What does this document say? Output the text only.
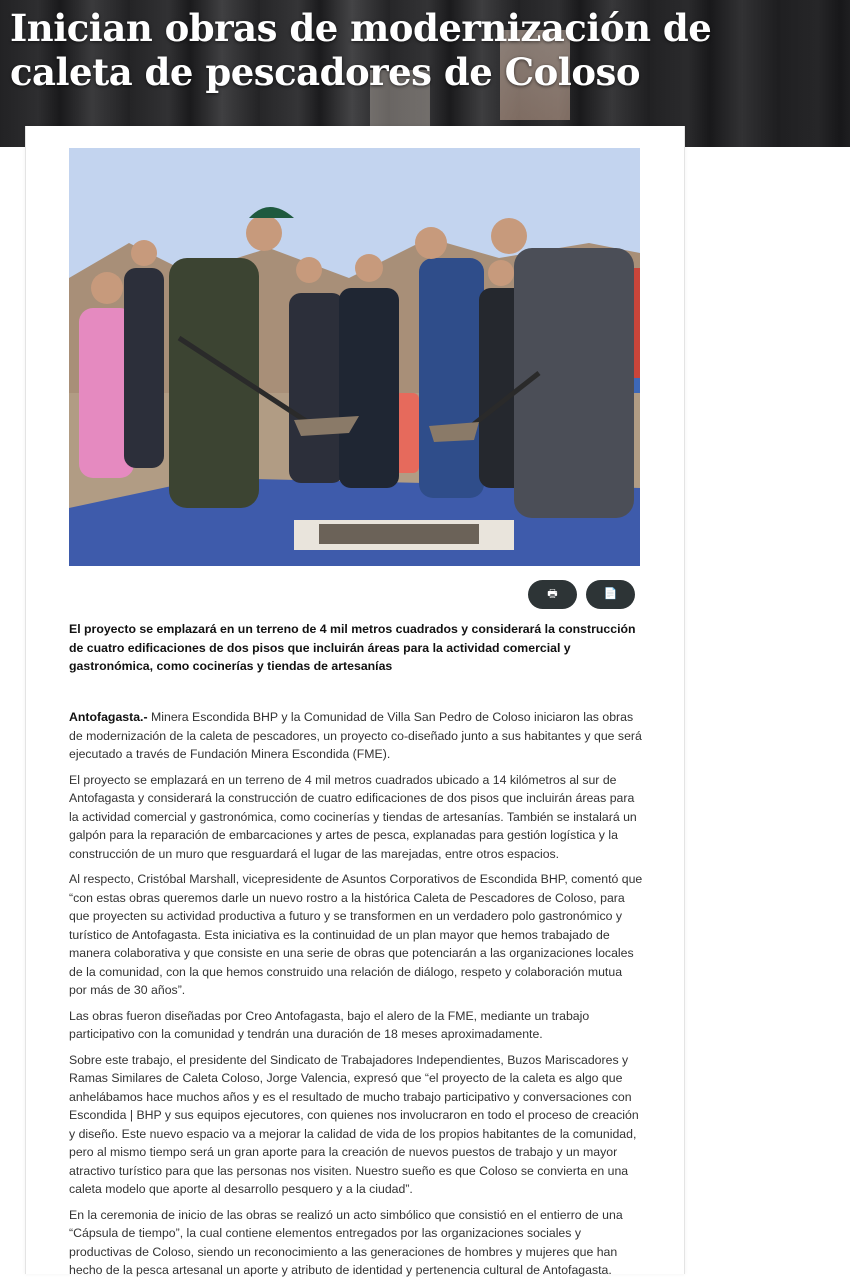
Inician obras de modernización de caleta de pescadores de Coloso
🖶	📄

El proyecto se emplazará en un terreno de 4 mil metros cuadrados y considerará la construcción de cuatro edificaciones de dos pisos que incluirán áreas para la actividad comercial y gastronómica, como cocinerías y tiendas de artesanías

Antofagasta.- Minera Escondida BHP y la Comunidad de Villa San Pedro de Coloso iniciaron las obras de modernización de la caleta de pescadores, un proyecto co-diseñado junto a sus habitantes y que será ejecutado a través de Fundación Minera Escondida (FME).

El proyecto se emplazará en un terreno de 4 mil metros cuadrados ubicado a 14 kilómetros al sur de Antofagasta y considerará la construcción de cuatro edificaciones de dos pisos que incluirán áreas para la actividad comercial y gastronómica, como cocinerías y tiendas de artesanías. También se instalará un galpón para la reparación de embarcaciones y artes de pesca, explanadas para gestión logística y la construcción de un muro que resguardará el lugar de las marejadas, entre otros espacios.

Al respecto, Cristóbal Marshall, vicepresidente de Asuntos Corporativos de Escondida BHP, comentó que “con estas obras queremos darle un nuevo rostro a la histórica Caleta de Pescadores de Coloso, para que proyecten su actividad productiva a futuro y se transformen en un verdadero polo gastronómico y turístico de Antofagasta. Esta iniciativa es la continuidad de un plan mayor que hemos trabajado de manera colaborativa y que consiste en una serie de obras que potenciarán a las organizaciones locales de la comunidad, con la que hemos construido una relación de diálogo, respeto y colaboración mutua por más de 30 años”.

Las obras fueron diseñadas por Creo Antofagasta, bajo el alero de la FME, mediante un trabajo participativo con la comunidad y tendrán una duración de 18 meses aproximadamente.

Sobre este trabajo, el presidente del Sindicato de Trabajadores Independientes, Buzos Mariscadores y Ramas Similares de Caleta Coloso, Jorge Valencia, expresó que “el proyecto de la caleta es algo que anhelábamos hace muchos años y es el resultado de mucho trabajo participativo y conversaciones con Escondida | BHP y sus equipos ejecutores, con quienes nos involucraron en todo el proceso de creación y diseño. Este nuevo espacio va a mejorar la calidad de vida de los propios habitantes de la comunidad, pero al mismo tiempo será un gran aporte para la creación de nuevos puestos de trabajo y un mayor atractivo turístico para que las personas nos visiten. Nuestro sueño es que Coloso se convierta en una caleta modelo que aporte al desarrollo pesquero y a la ciudad”.

En la ceremonia de inicio de las obras se realizó un acto simbólico que consistió en el entierro de una “Cápsula de tiempo”, la cual contiene elementos entregados por las organizaciones sociales y productivas de Coloso, siendo un reconocimiento a las generaciones de hombres y mujeres que han hecho de la pesca artesanal un aporte y atributo de identidad y pertenencia cultural de Antofagasta.
